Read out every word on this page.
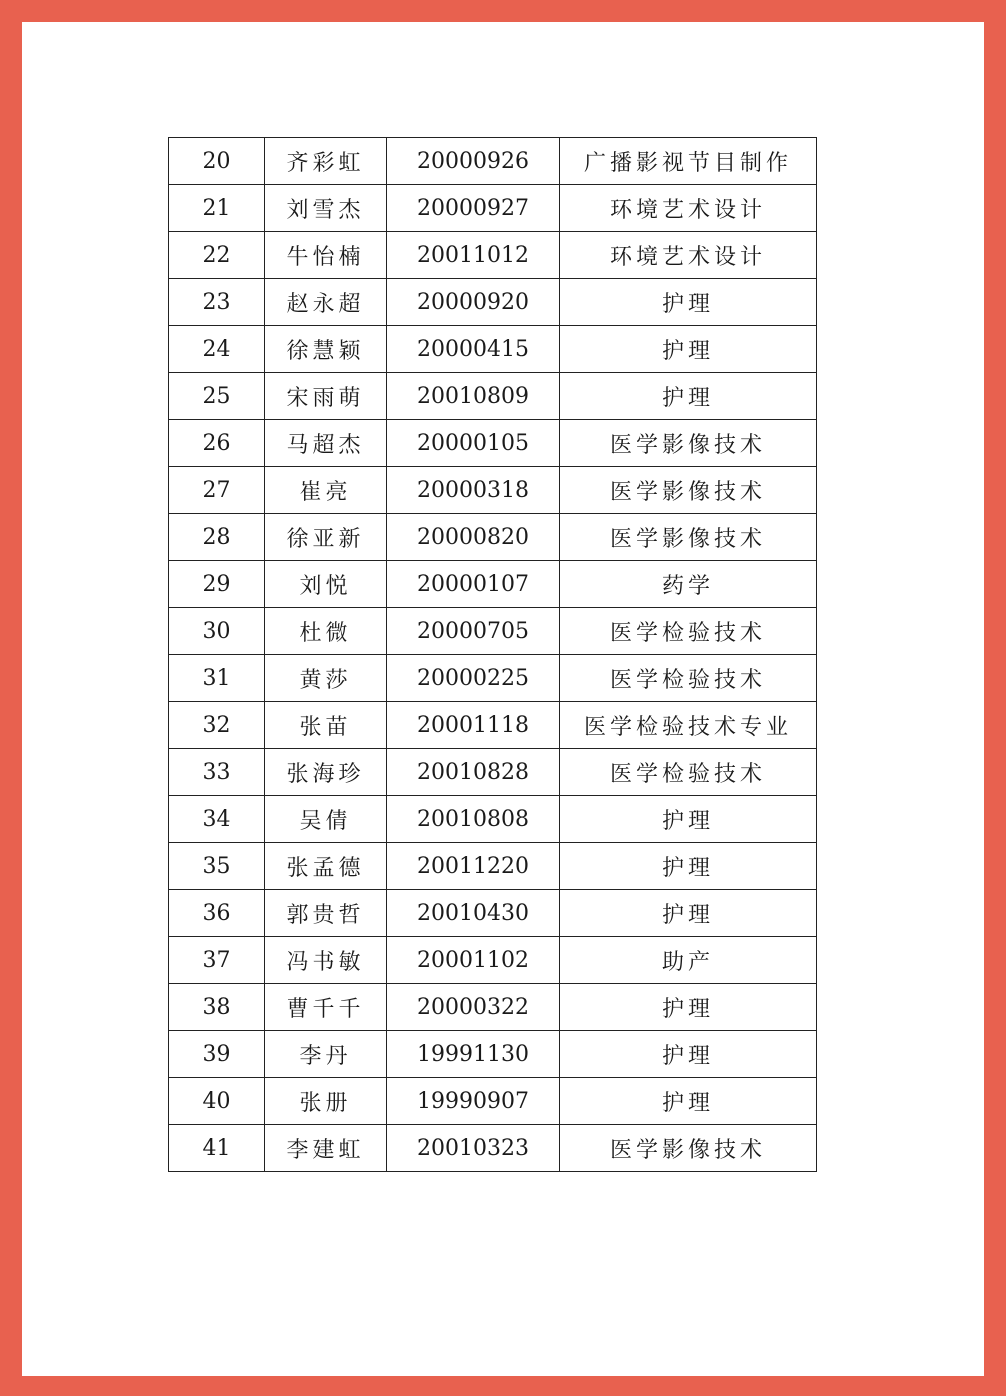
20	齐彩虹	20000926	广播影视节目制作
21	刘雪杰	20000927	环境艺术设计
22	牛怡楠	20011012	环境艺术设计
23	赵永超	20000920	护理
24	徐慧颖	20000415	护理
25	宋雨萌	20010809	护理
26	马超杰	20000105	医学影像技术
27	崔亮	20000318	医学影像技术
28	徐亚新	20000820	医学影像技术
29	刘悦	20000107	药学
30	杜微	20000705	医学检验技术
31	黄莎	20000225	医学检验技术
32	张苗	20001118	医学检验技术专业
33	张海珍	20010828	医学检验技术
34	吴倩	20010808	护理
35	张孟德	20011220	护理
36	郭贵哲	20010430	护理
37	冯书敏	20001102	助产
38	曹千千	20000322	护理
39	李丹	19991130	护理
40	张册	19990907	护理
41	李建虹	20010323	医学影像技术
